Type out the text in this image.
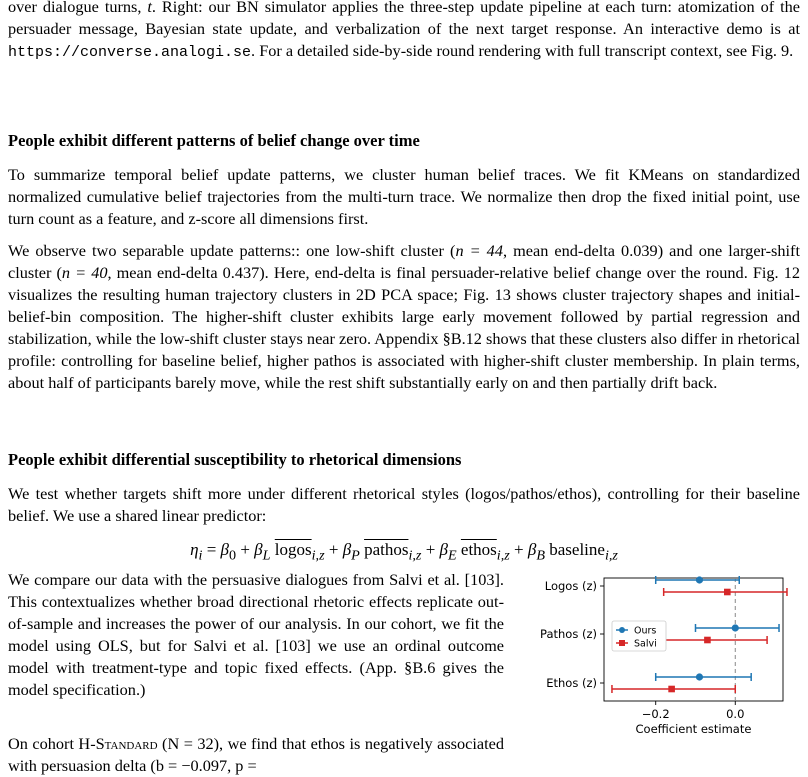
over dialogue turns, t. Right: our BN simulator applies the three-step update pipeline at each turn: atomization of the persuader message, Bayesian state update, and verbalization of the next target response. An interactive demo is at https://converse.analogi.se. For a detailed side-by-side round rendering with full transcript context, see Fig. 9.

People exhibit different patterns of belief change over time

To summarize temporal belief update patterns, we cluster human belief traces. We fit KMeans on standardized normalized cumulative belief trajectories from the multi-turn trace. We normalize then drop the fixed initial point, use turn count as a feature, and z-score all dimensions first.

We observe two separable update patterns:: one low-shift cluster (n = 44, mean end-delta 0.039) and one larger-shift cluster (n = 40, mean end-delta 0.437). Here, end-delta is final persuader-relative belief change over the round. Fig. 12 visualizes the resulting human trajectory clusters in 2D PCA space; Fig. 13 shows cluster trajectory shapes and initial-belief-bin composition. The higher-shift cluster exhibits large early movement followed by partial regression and stabilization, while the low-shift cluster stays near zero. Appendix §B.12 shows that these clusters also differ in rhetorical profile: controlling for baseline belief, higher pathos is associated with higher-shift cluster membership. In plain terms, about half of participants barely move, while the rest shift substantially early on and then partially drift back.

People exhibit differential susceptibility to rhetorical dimensions

We test whether targets shift more under different rhetorical styles (logos/pathos/ethos), controlling for their baseline belief. We use a shared linear predictor:

$\eta_i = \beta_0 + \beta_L$ logos$_{i,z}$ + $\beta_P$ pathos$_{i,z}$ + $\beta_E$ ethos$_{i,z}$ + $\beta_B$ baseline$_{i,z}$

We compare our data with the persuasive dialogues from Salvi et al. [103]. This contextualizes whether broad directional rhetoric effects replicate out-of-sample and increases the power of our analysis. In our cohort, we fit the model using OLS, but for Salvi et al. [103] we use an ordinal outcome model with treatment-type and topic fixed effects. (App. §B.6 gives the model specification.)

On cohort H-Standard (N = 32), we find that ethos is negatively associated with persuasion delta (b = −0.097, p =

Logos (z)
Pathos (z)
Ethos (z)
−0.2	0.0
Coefficient estimate
Ours
Salvi
